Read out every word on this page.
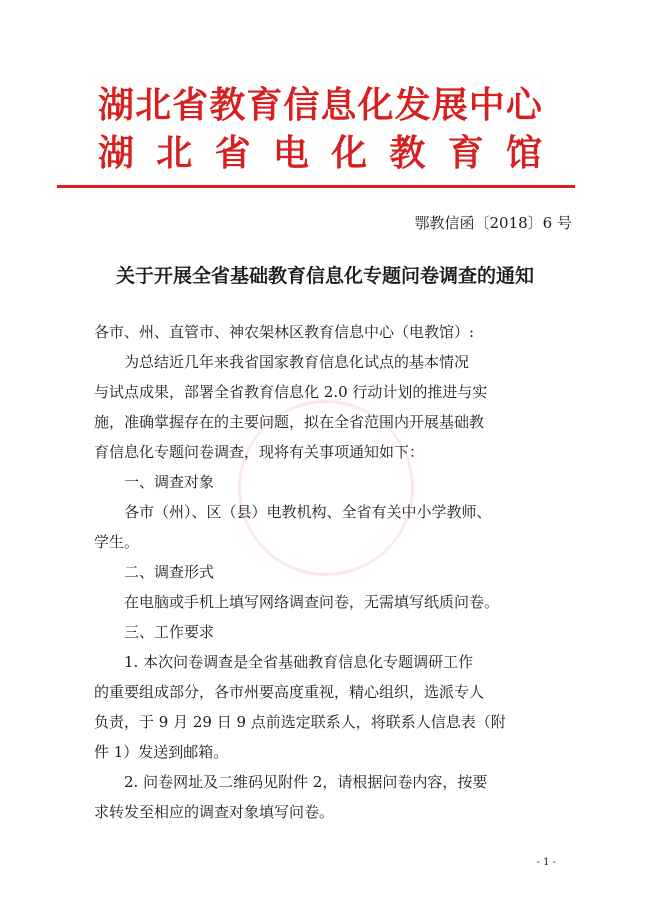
湖 北 省 教 育 信 息 化 发 展 中 心
湖 北 省 电 化 教 育 馆
鄂教信函〔2018〕6 号
关于开展全省基础教育信息化专题问卷调查的通知
各市、州、直管市、神农架林区教育信息中心（电教馆）:
　　为总结近几年来我省国家教育信息化试点的基本情况
与试点成果，部署全省教育信息化 2.0 行动计划的推进与实
施，准确掌握存在的主要问题，拟在全省范围内开展基础教
育信息化专题问卷调查，现将有关事项通知如下：
　　一、调查对象
　　各市（州）、区（县）电教机构、全省有关中小学教师、
学生。
　　二、调查形式
　　在电脑或手机上填写网络调查问卷，无需填写纸质问卷。
　　三、工作要求
　　1. 本次问卷调查是全省基础教育信息化专题调研工作
的重要组成部分，各市州要高度重视，精心组织，选派专人
负责，于 9 月 29 日 9 点前选定联系人，将联系人信息表（附
件 1）发送到邮箱。
　　2. 问卷网址及二维码见附件 2，请根据问卷内容，按要
求转发至相应的调查对象填写问卷。
- 1 -
